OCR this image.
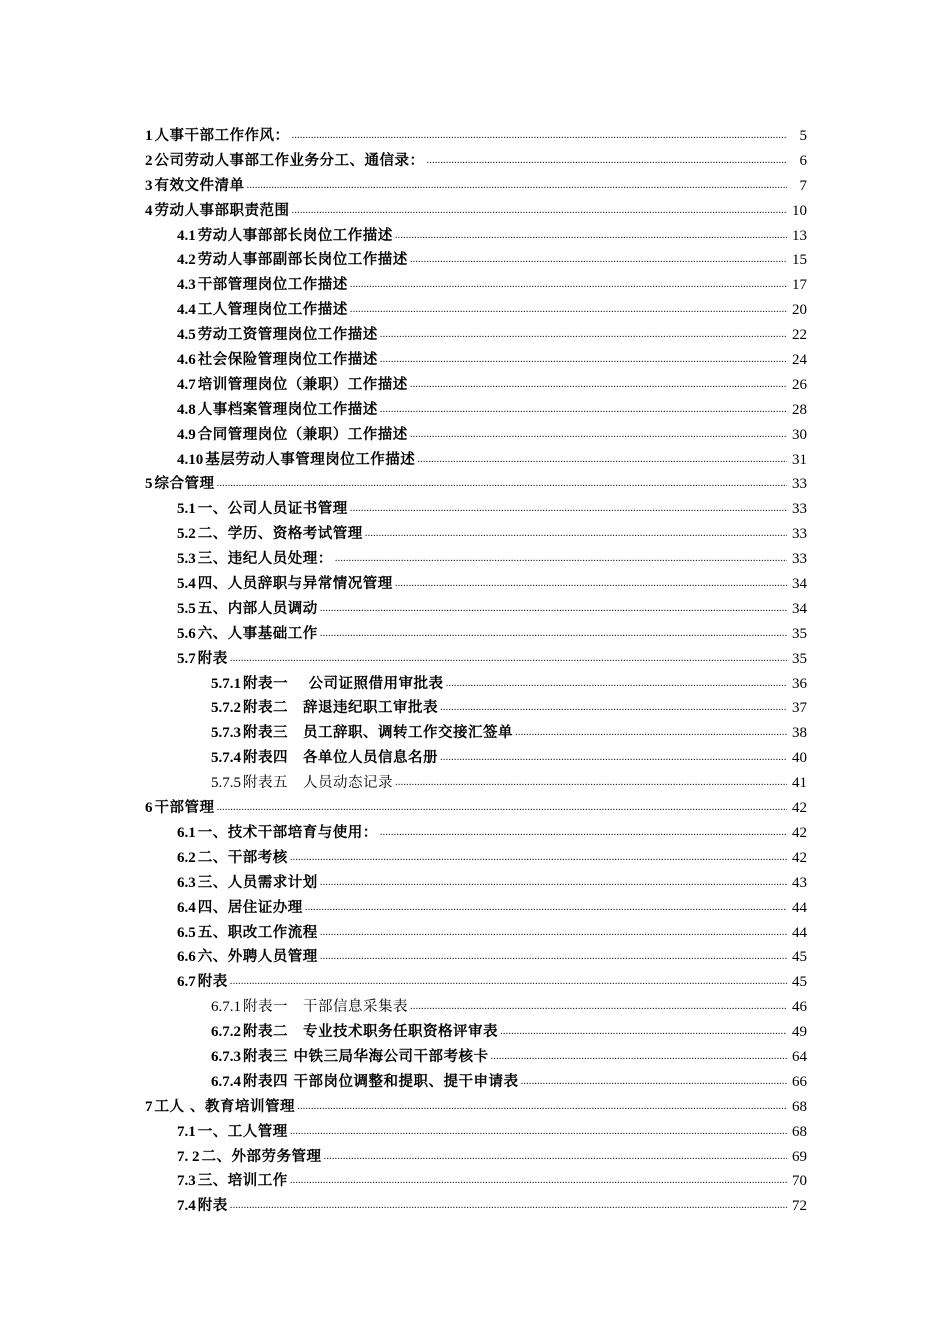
1 人事干部工作作风： .....	5
2 公司劳动人事部工作业务分工、通信录： .....	6
3 有效文件清单 .....	7
4 劳动人事部职责范围 .....	10
4.1 劳动人事部部长岗位工作描述 .....	13
4.2 劳动人事部副部长岗位工作描述 .....	15
4.3 干部管理岗位工作描述 .....	17
4.4 工人管理岗位工作描述 .....	20
4.5 劳动工资管理岗位工作描述 .....	22
4.6 社会保险管理岗位工作描述 .....	24
4.7 培训管理岗位（兼职）工作描述 .....	26
4.8 人事档案管理岗位工作描述 .....	28
4.9 合同管理岗位（兼职）工作描述 .....	30
4.10 基层劳动人事管理岗位工作描述 .....	31
5 综合管理 .....	33
5.1 一、公司人员证书管理 .....	33
5.2 二、学历、资格考试管理 .....	33
5.3 三、违纪人员处理： .....	33
5.4 四、人员辞职与异常情况管理 .....	34
5.5 五、内部人员调动 .....	34
5.6 六、人事基础工作 .....	35
5.7 附表 .....	35
5.7.1 附表一　 公司证照借用审批表 .....	36
5.7.2 附表二　辞退违纪职工审批表 .....	37
5.7.3 附表三　员工辞职、调转工作交接汇签单 .....	38
5.7.4 附表四　各单位人员信息名册 .....	40
5.7.5 附表五　人员动态记录 .....	41
6 干部管理 .....	42
6.1 一、技术干部培育与使用： .....	42
6.2 二、干部考核 .....	42
6.3 三、人员需求计划 .....	43
6.4 四、居住证办理 .....	44
6.5 五、职改工作流程 .....	44
6.6 六、外聘人员管理 .....	45
6.7 附表 .....	45
6.7.1 附表一　干部信息采集表 .....	46
6.7.2 附表二　专业技术职务任职资格评审表 .....	49
6.7.3 附表三 中铁三局华海公司干部考核卡 .....	64
6.7.4 附表四 干部岗位调整和提职、提干申请表 .....	66
7 工人 、教育培训管理 .....	68
7.1 一、工人管理 .....	68
7. 2 二、外部劳务管理 .....	69
7.3 三、培训工作 .....	70
7.4 附表 .....	72
